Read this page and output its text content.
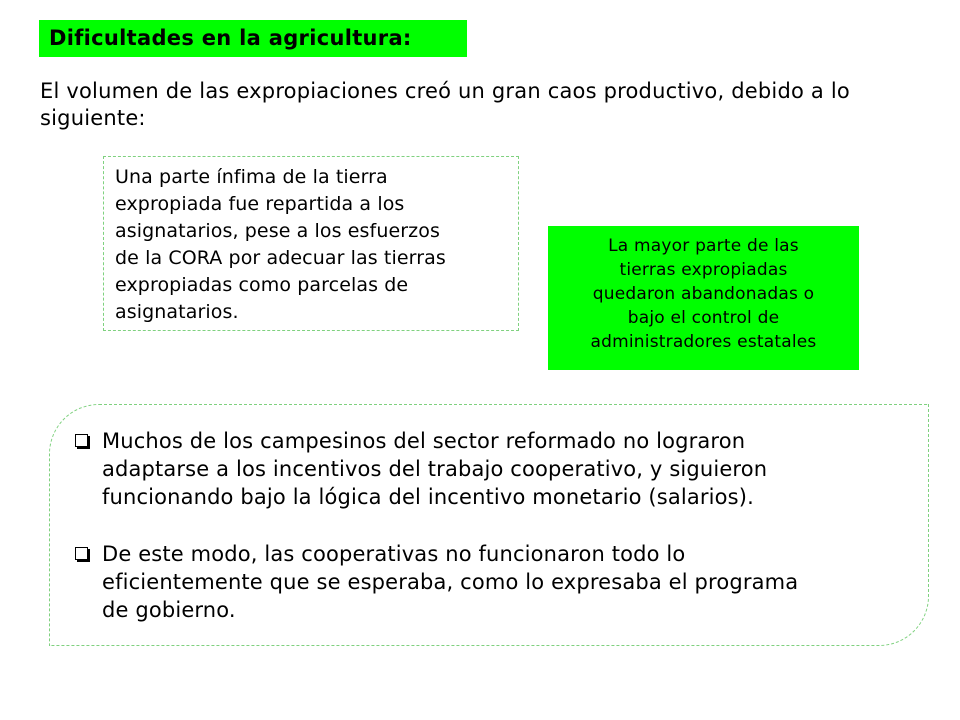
Dificultades en la agricultura:
El volumen de las expropiaciones creó un gran caos productivo, debido a lo siguiente:
Una parte ínfima de la tierra
expropiada fue repartida a los
asignatarios, pese a los esfuerzos
de la CORA por adecuar las tierras
expropiadas como parcelas de
asignatarios.
La mayor parte de las
tierras expropiadas
quedaron abandonadas o
bajo el control de
administradores estatales
Muchos de los campesinos del sector reformado no lograron
adaptarse a los incentivos del trabajo cooperativo, y siguieron
funcionando bajo la lógica del incentivo monetario (salarios).
De este modo, las cooperativas no funcionaron todo lo
eficientemente que se esperaba, como lo expresaba el programa
de gobierno.
